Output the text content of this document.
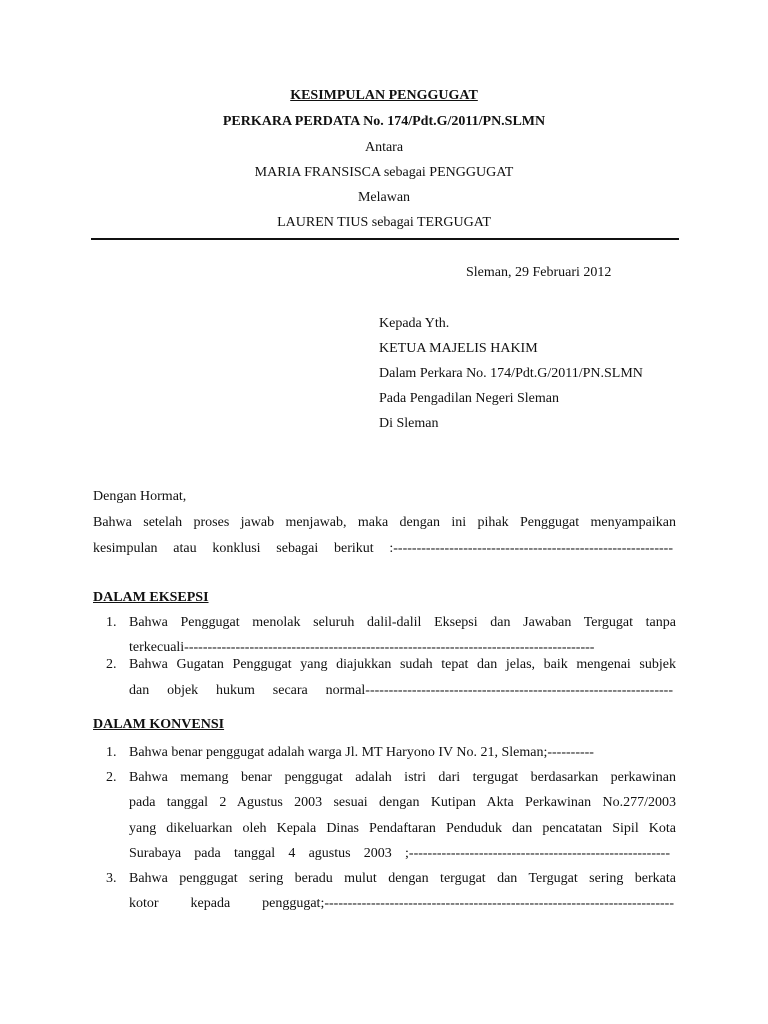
KESIMPULAN PENGGUGAT
PERKARA PERDATA No. 174/Pdt.G/2011/PN.SLMN
Antara
MARIA FRANSISCA sebagai PENGGUGAT
Melawan
LAUREN TIUS sebagai TERGUGAT
Sleman, 29 Februari 2012
Kepada Yth.
KETUA MAJELIS HAKIM
Dalam Perkara No. 174/Pdt.G/2011/PN.SLMN
Pada Pengadilan Negeri Sleman
Di Sleman
Dengan Hormat,
Bahwa setelah proses jawab menjawab, maka dengan ini pihak Penggugat menyampaikan
kesimpulan atau konklusi sebagai berikut :------------------------------------------------------------
DALAM EKSEPSI
1. Bahwa Penggugat menolak seluruh dalil-dalil Eksepsi dan Jawaban Tergugat tanpa
terkecuali----------------------------------------------------------------------------------------
2. Bahwa Gugatan Penggugat yang diajukkan sudah tepat dan jelas, baik mengenai subjek
dan objek hukum secara normal------------------------------------------------------------------
DALAM KONVENSI
1. Bahwa benar penggugat adalah warga Jl. MT Haryono IV No. 21, Sleman;----------
2. Bahwa memang benar penggugat adalah istri dari tergugat berdasarkan perkawinan
pada tanggal 2 Agustus 2003 sesuai dengan Kutipan Akta Perkawinan No.277/2003
yang dikeluarkan oleh Kepala Dinas Pendaftaran Penduduk dan pencatatan Sipil Kota
Surabaya pada tanggal 4 agustus 2003 ;--------------------------------------------------------
3. Bahwa penggugat sering beradu mulut dengan tergugat dan Tergugat sering berkata
kotor kepada penggugat;---------------------------------------------------------------------------
